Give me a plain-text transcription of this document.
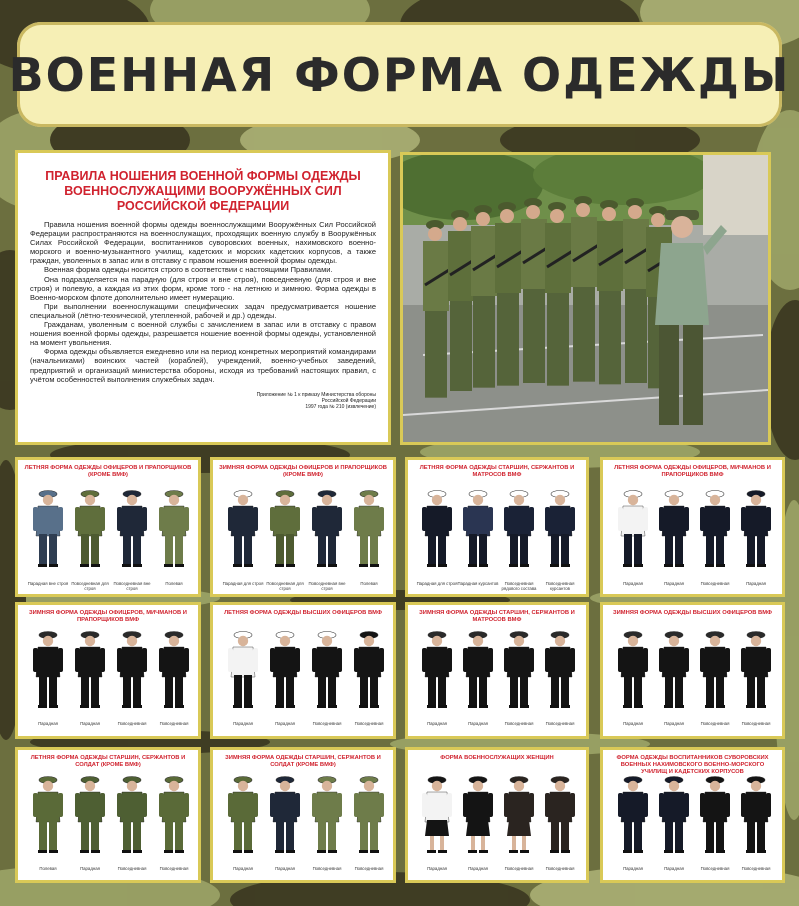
ВОЕННАЯ ФОРМА ОДЕЖДЫ
ПРАВИЛА НОШЕНИЯ ВОЕННОЙ ФОРМЫ ОДЕЖДЫ ВОЕННОСЛУЖАЩИМИ ВООРУЖЁННЫХ СИЛ РОССИЙСКОЙ ФЕДЕРАЦИИ

Правила ношения военной формы одежды военнослужащими Вооружённых Сил Российской Федерации распространяются на военнослужащих, проходящих военную службу в Вооружённых Силах Российской Федерации, воспитанников суворовских военных, нахимовского военно-морского и военно-музыкантного училищ, кадетских и морских кадетских корпусов, а также граждан, уволенных в запас или в отставку с правом ношения военной формы одежды.

Военная форма одежды носится строго в соответствии с настоящими Правилами.

Она подразделяется на парадную (для строя и вне строя), повседневную (для строя и вне строя) и полевую, а каждая из этих форм, кроме того - на летнюю и зимнюю. Форма одежды в Военно-морском флоте дополнительно имеет нумерацию.

При выполнении военнослужащими специфических задач предусматривается ношение специальной (лётно-технической, утепленной, рабочей и др.) одежды.

Гражданам, уволенным с военной службы с зачислением в запас или в отставку с правом ношения военной формы одежды, разрешается ношение военной формы одежды, установленной на момент увольнения.

Форма одежды объявляется ежедневно или на период конкретных мероприятий командирами (начальниками) воинских частей (кораблей), учреждений, военно-учебных заведений, предприятий и организаций министерства обороны, исходя из требований настоящих правил, с учётом особенностей выполнения служебных задач.

Приложение № 1 к приказу Министерства обороны
Российской Федерации
1997 года № 210 (извлечение)
ЛЕТНЯЯ ФОРМА ОДЕЖДЫ ОФИЦЕРОВ И ПРАПОРЩИКОВ (КРОМЕ ВМФ)
Парадная вне строя Повседневная для строя
Повседневная вне строя
Полевая
ЗИМНЯЯ ФОРМА ОДЕЖДЫ ОФИЦЕРОВ И ПРАПОРЩИКОВ (КРОМЕ ВМФ)
Парадная для строя Повседневная для строя
Повседневная вне строя
Полевая
ЛЕТНЯЯ ФОРМА ОДЕЖДЫ СТАРШИН, СЕРЖАНТОВ И МАТРОСОВ ВМФ
Парадная для строя Парадная курсантов	Повседневная рядового состава
Повседневная курсантов
ЛЕТНЯЯ ФОРМА ОДЕЖДЫ ОФИЦЕРОВ, МИЧМАНОВ И ПРАПОРЩИКОВ ВМФ
Парадная	Парадная	Повседневная	Парадная
ЗИМНЯЯ ФОРМА ОДЕЖДЫ ОФИЦЕРОВ, МИЧМАНОВ И ПРАПОРЩИКОВ ВМФ
Парадная	Парадная	Повседневная	Повседневная
ЛЕТНЯЯ ФОРМА ОДЕЖДЫ ВЫСШИХ ОФИЦЕРОВ ВМФ
Парадная	Парадная	Повседневная	Повседневная
ЗИМНЯЯ ФОРМА ОДЕЖДЫ СТАРШИН, СЕРЖАНТОВ И МАТРОСОВ ВМФ
Парадная	Парадная	Повседневная	Повседневная
ЗИМНЯЯ ФОРМА ОДЕЖДЫ ВЫСШИХ ОФИЦЕРОВ ВМФ
Парадная	Парадная	Повседневная	Повседневная
ЛЕТНЯЯ ФОРМА ОДЕЖДЫ СТАРШИН, СЕРЖАНТОВ И СОЛДАТ (КРОМЕ ВМФ)
Полевая	Парадная	Повседневная	Повседневная
ЗИМНЯЯ ФОРМА ОДЕЖДЫ СТАРШИН, СЕРЖАНТОВ И СОЛДАТ (КРОМЕ ВМФ)
Парадная	Парадная	Повседневная	Повседневная
ФОРМА ВОЕННОСЛУЖАЩИХ ЖЕНЩИН
Парадная	Парадная	Повседневная	Повседневная
ФОРМА ОДЕЖДЫ ВОСПИТАННИКОВ СУВОРОВСКИХ ВОЕННЫХ НАХИМОВСКОГО ВОЕННО-МОРСКОГО УЧИЛИЩ И КАДЕТСКИХ КОРПУСОВ
Парадная	Парадная	Повседневная	Повседневная
